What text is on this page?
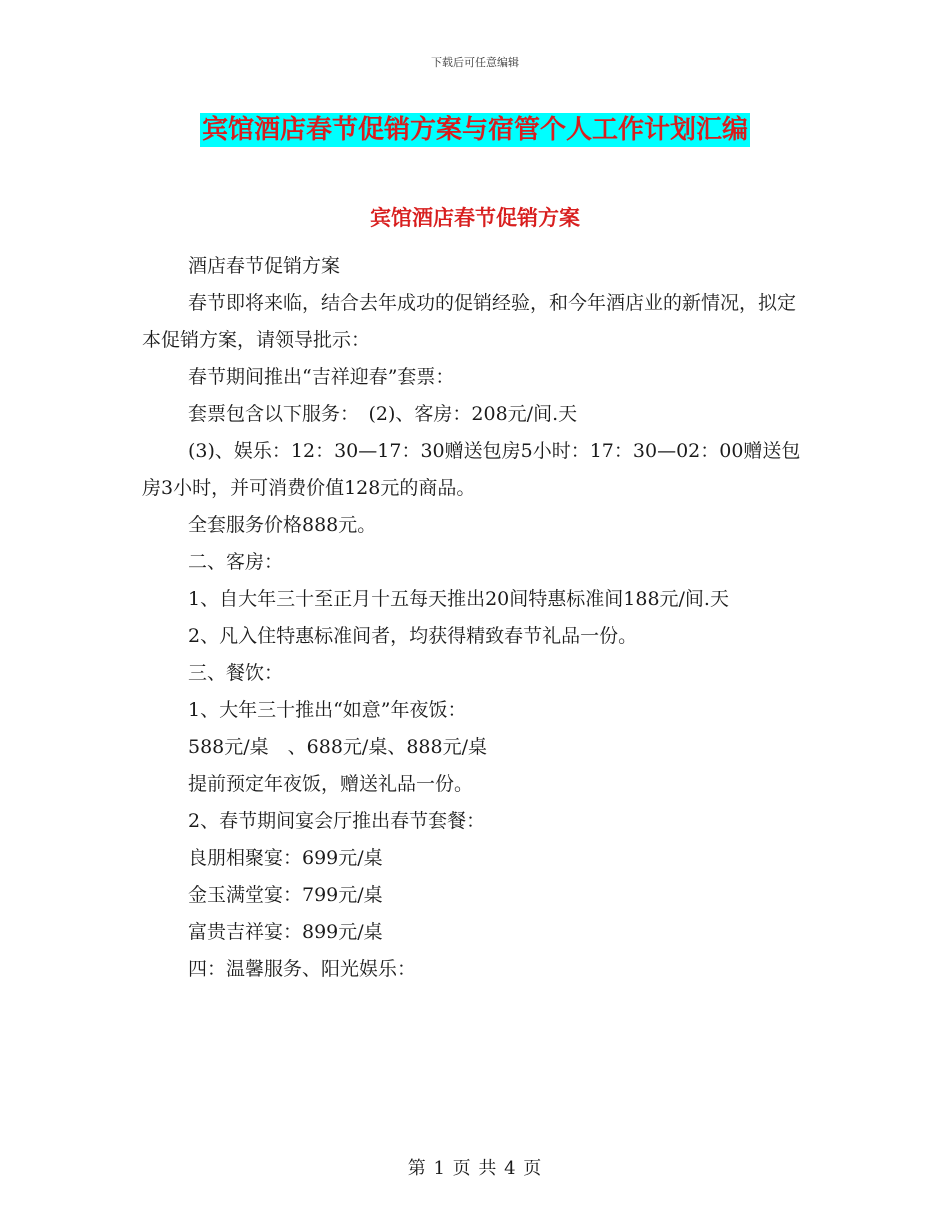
下载后可任意编辑
宾馆酒店春节促销方案与宿管个人工作计划汇编
宾馆酒店春节促销方案

酒店春节促销方案

春节即将来临，结合去年成功的促销经验，和今年酒店业的新情况，拟定本促销方案，请领导批示：

春节期间推出“吉祥迎春”套票：

套票包含以下服务：　(2)、客房：208元/间.天

(3)、娱乐：12：30—17：30赠送包房5小时：17：30—02：00赠送包房3小时，并可消费价值128元的商品。

全套服务价格888元。

二、客房：

1、自大年三十至正月十五每天推出20间特惠标准间188元/间.天

2、凡入住特惠标准间者，均获得精致春节礼品一份。

三、餐饮：

1、大年三十推出“如意”年夜饭：

588元/桌　、688元/桌、888元/桌

提前预定年夜饭，赠送礼品一份。

2、春节期间宴会厅推出春节套餐：

良朋相聚宴：699元/桌

金玉满堂宴：799元/桌

富贵吉祥宴：899元/桌

四：温馨服务、阳光娱乐：

第 1 页 共 4 页
